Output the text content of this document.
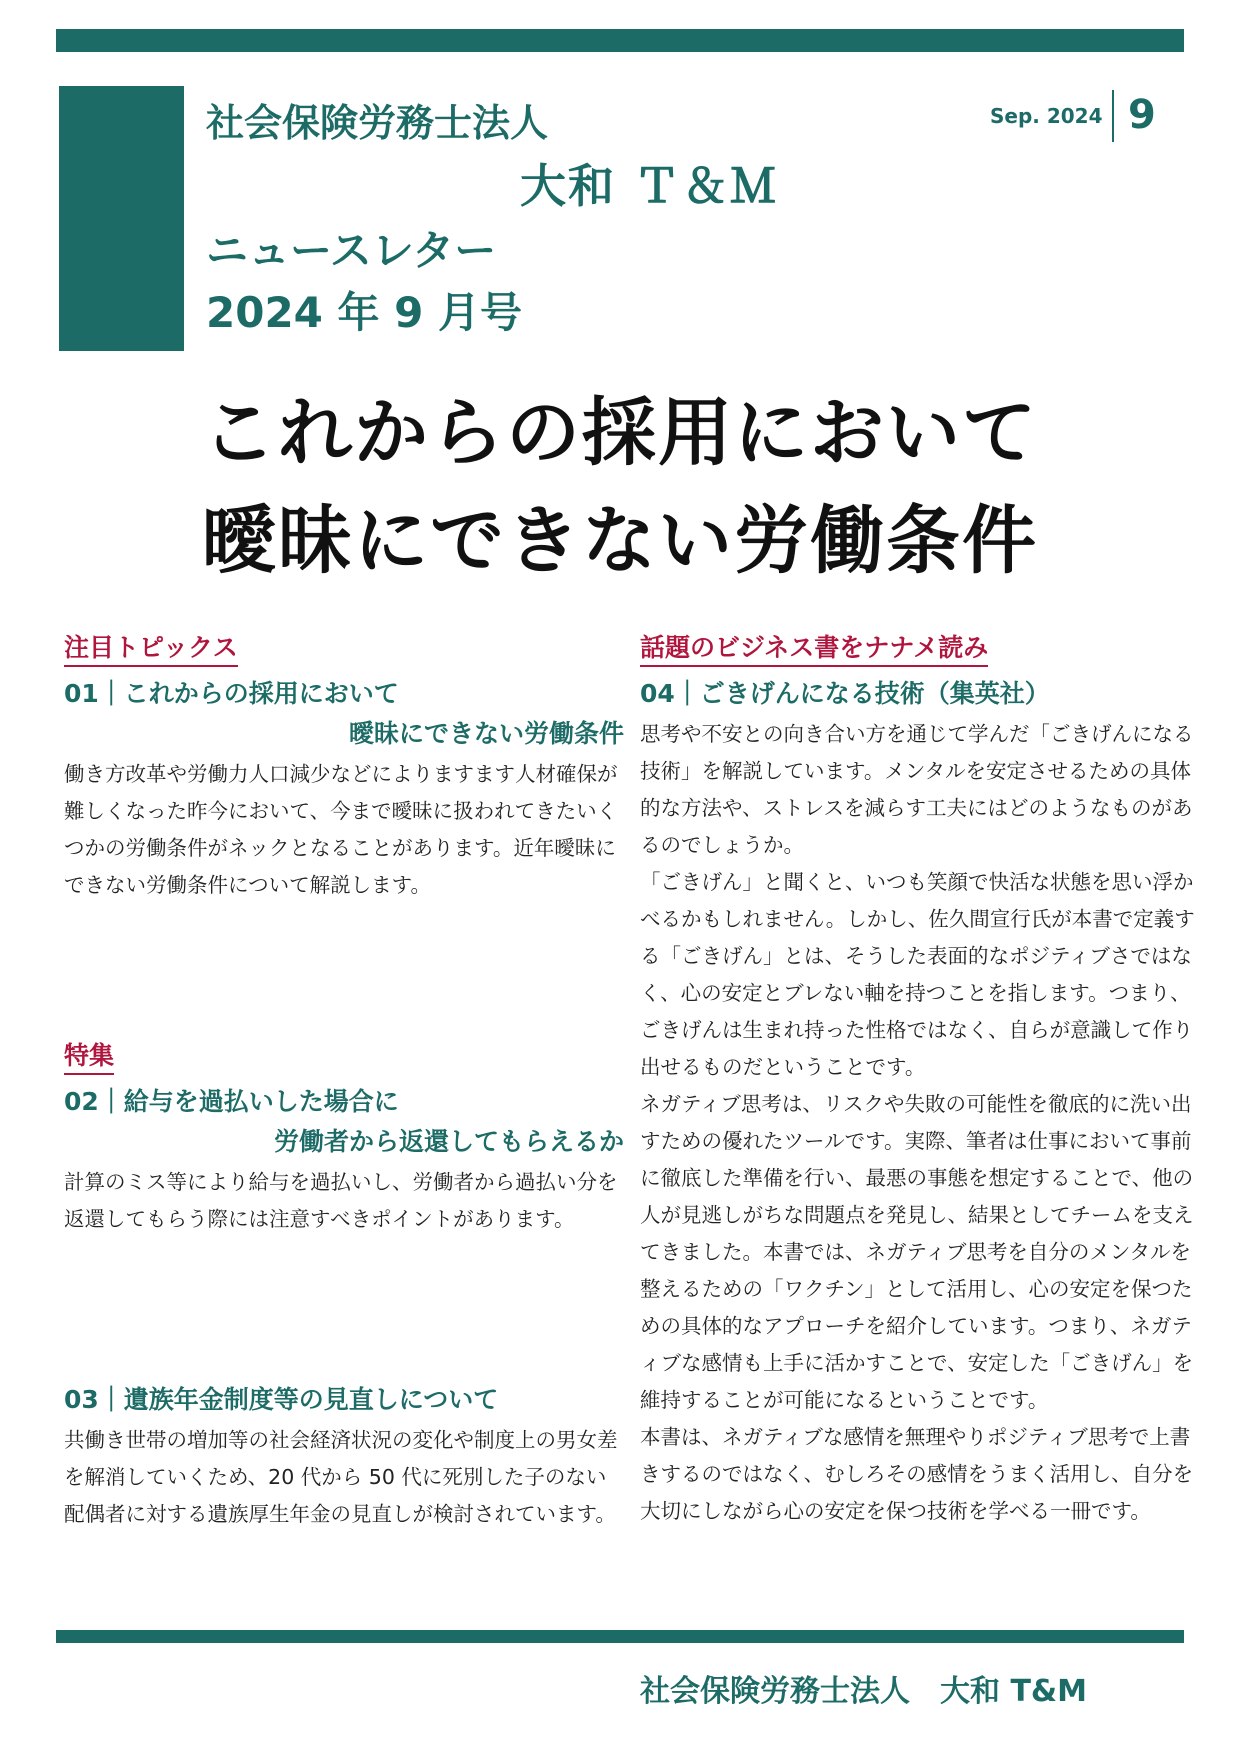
社会保険労務士法人
大和 Ｔ＆Ｍ
ニュースレター
2024 年 9 月号
Sep. 2024 9
これからの採用において
曖昧にできない労働条件
注目トピックス
01｜これからの採用において
曖昧にできない労働条件

働き方改革や労働力人口減少などによりますます人材確保が難しくなった昨今において、今まで曖昧に扱われてきたいくつかの労働条件がネックとなることがあります。近年曖昧にできない労働条件について解説します。

特集
02｜給与を過払いした場合に
労働者から返還してもらえるか

計算のミス等により給与を過払いし、労働者から過払い分を返還してもらう際には注意すべきポイントがあります。

03｜遺族年金制度等の見直しについて

共働き世帯の増加等の社会経済状況の変化や制度上の男女差を解消していくため、20 代から 50 代に死別した子のない配偶者に対する遺族厚生年金の見直しが検討されています。

話題のビジネス書をナナメ読み
04｜ごきげんになる技術（集英社）

思考や不安との向き合い方を通じて学んだ「ごきげんになる技術」を解説しています。メンタルを安定させるための具体的な方法や、ストレスを減らす工夫にはどのようなものがあるのでしょうか。

「ごきげん」と聞くと、いつも笑顔で快活な状態を思い浮かべるかもしれません。しかし、佐久間宣行氏が本書で定義する「ごきげん」とは、そうした表面的なポジティブさではなく、心の安定とブレない軸を持つことを指します。つまり、ごきげんは生まれ持った性格ではなく、自らが意識して作り出せるものだということです。

ネガティブ思考は、リスクや失敗の可能性を徹底的に洗い出すための優れたツールです。実際、筆者は仕事において事前に徹底した準備を行い、最悪の事態を想定することで、他の人が見逃しがちな問題点を発見し、結果としてチームを支えてきました。本書では、ネガティブ思考を自分のメンタルを整えるための「ワクチン」として活用し、心の安定を保つための具体的なアプローチを紹介しています。つまり、ネガティブな感情も上手に活かすことで、安定した「ごきげん」を維持することが可能になるということです。

本書は、ネガティブな感情を無理やりポジティブ思考で上書きするのではなく、むしろその感情をうまく活用し、自分を大切にしながら心の安定を保つ技術を学べる一冊です。

社会保険労務士法人　大和 T&M
